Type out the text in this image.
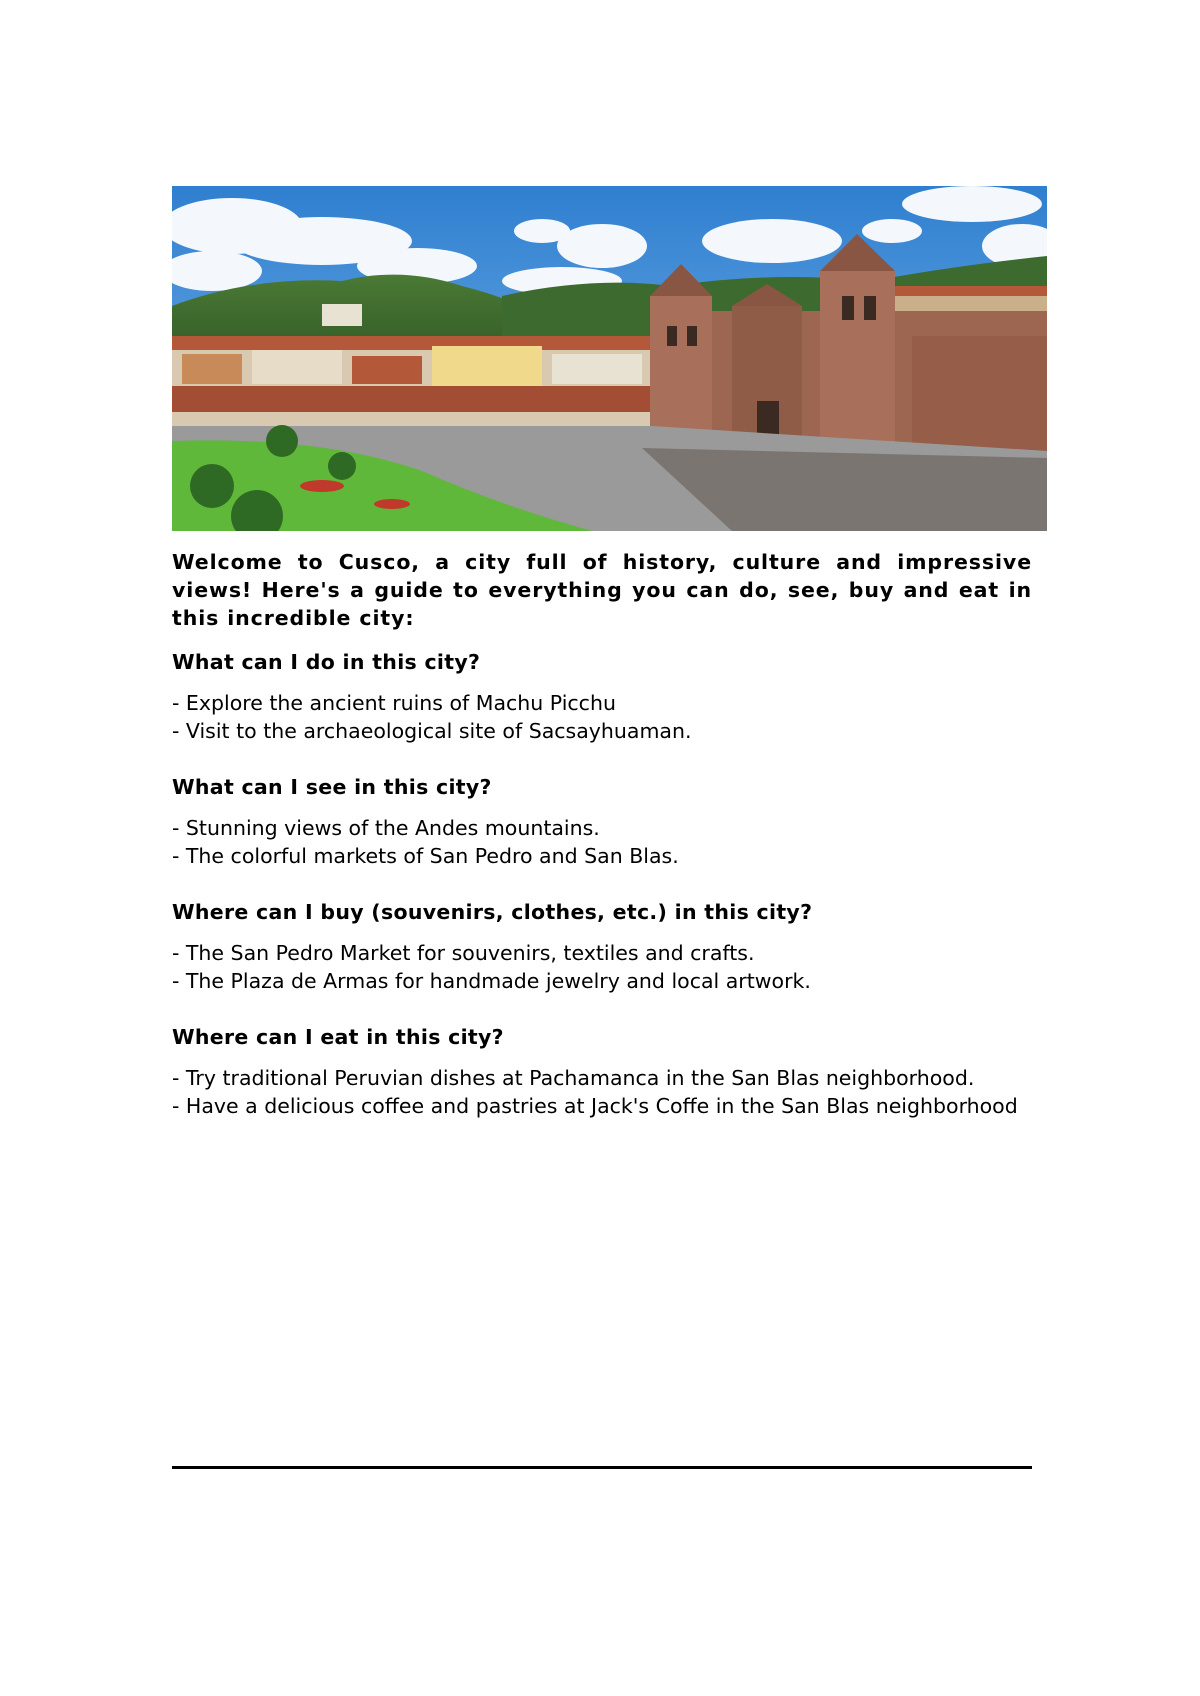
Welcome to Cusco, a city full of history, culture and impressive views! Here's a guide to everything you can do, see, buy and eat in this incredible city:

What can I do in this city?
- Explore the ancient ruins of Machu Picchu
- Visit to the archaeological site of Sacsayhuaman.
What can I see in this city?
- Stunning views of the Andes mountains.
- The colorful markets of San Pedro and San Blas.
Where can I buy (souvenirs, clothes, etc.) in this city?
- The San Pedro Market for souvenirs, textiles and crafts.
- The Plaza de Armas for handmade jewelry and local artwork.
Where can I eat in this city?
- Try traditional Peruvian dishes at Pachamanca in the San Blas neighborhood.
- Have a delicious coffee and pastries at Jack's Coffe in the San Blas neighborhood
